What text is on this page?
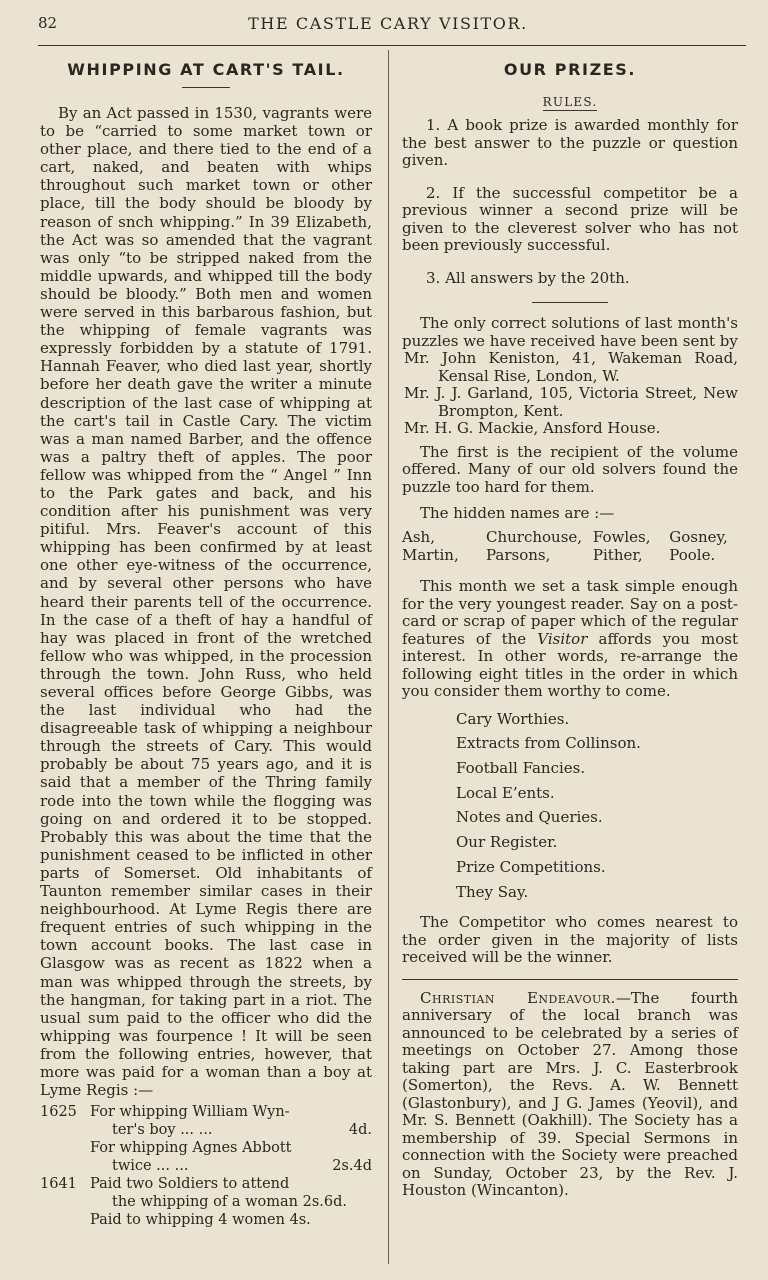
82	THE CASTLE CARY VISITOR.
WHIPPING AT CART'S TAIL.

By an Act passed in 1530, vagrants were to be “carried to some market town or other place, and there tied to the end of a cart, naked, and beaten with whips throughout such market town or other place, till the body should be bloody by reason of snch whipping.” In 39 Elizabeth, the Act was so amended that the vagrant was only “to be stripped naked from the middle upwards, and whipped till the body should be bloody.” Both men and women were served in this barbarous fashion, but the whipping of female vagrants was expressly forbidden by a statute of 1791. Hannah Feaver, who died last year, shortly before her death gave the writer a minute description of the last case of whipping at the cart's tail in Castle Cary. The victim was a man named Barber, and the offence was a paltry theft of apples. The poor fellow was whipped from the “ Angel ” Inn to the Park gates and back, and his condition after his punishment was very pitiful. Mrs. Feaver's account of this whipping has been confirmed by at least one other eye-witness of the occurrence, and by several other persons who have heard their parents tell of the occurrence. In the case of a theft of hay a handful of hay was placed in front of the wretched fellow who was whipped, in the procession through the town. John Russ, who held several offices before George Gibbs, was the last individual who had the disagreeable task of whipping a neighbour through the streets of Cary. This would probably be about 75 years ago, and it is said that a member of the Thring family rode into the town while the flogging was going on and ordered it to be stopped. Probably this was about the time that the punishment ceased to be inflicted in other parts of Somerset. Old inhabitants of Taunton remember similar cases in their neighbourhood. At Lyme Regis there are frequent entries of such whipping in the town account books. The last case in Glasgow was as recent as 1822 when a man was whipped through the streets, by the hangman, for taking part in a riot. The usual sum paid to the officer who did the whipping was fourpence ! It will be seen from the following entries, however, that more was paid for a woman than a boy at Lyme Regis :—

1625 For whipping William Wyn-
ter's boy ... ...	4d.
For whipping Agnes Abbott
twice ... ...	2s.4d
1641 Paid two Soldiers to attend
the whipping of a woman 2s.6d.
Paid to whipping 4 women 4s.
OUR PRIZES.
RULES.

1. A book prize is awarded monthly for the best answer to the puzzle or question given.

2. If the successful competitor be a previous winner a second prize will be given to the cleverest solver who has not been previously successful.

3. All answers by the 20th.

The only correct solutions of last month's puzzles we have received have been sent by

Mr. John Keniston, 41, Wakeman Road, Kensal Rise, London, W.

Mr. J. J. Garland, 105, Victoria Street, New Brompton, Kent.

Mr. H. G. Mackie, Ansford House.

The first is the recipient of the volume offered. Many of our old solvers found the puzzle too hard for them.

The hidden names are :—

Ash,	Churchouse, Fowles,	Gosney,
Martin,	Parsons,	Pither,	Poole.

This month we set a task simple enough for the very youngest reader. Say on a post-card or scrap of paper which of the regular features of the Visitor affords you most interest. In other words, re-arrange the following eight titles in the order in which you consider them worthy to come.

Cary Worthies.
Extracts from Collinson.
Football Fancies.
Local E’ents.
Notes and Queries.
Our Register.
Prize Competitions.
They Say.

The Competitor who comes nearest to the order given in the majority of lists received will be the winner.

Christian Endeavour.—The fourth anniversary of the local branch was announced to be celebrated by a series of meetings on October 27. Among those taking part are Mrs. J. C. Easterbrook (Somerton), the Revs. A. W. Bennett (Glastonbury), and J G. James (Yeovil), and Mr. S. Bennett (Oakhill). The Society has a membership of 39. Special Sermons in connection with the Society were preached on Sunday, October 23, by the Rev. J. Houston (Wincanton).
